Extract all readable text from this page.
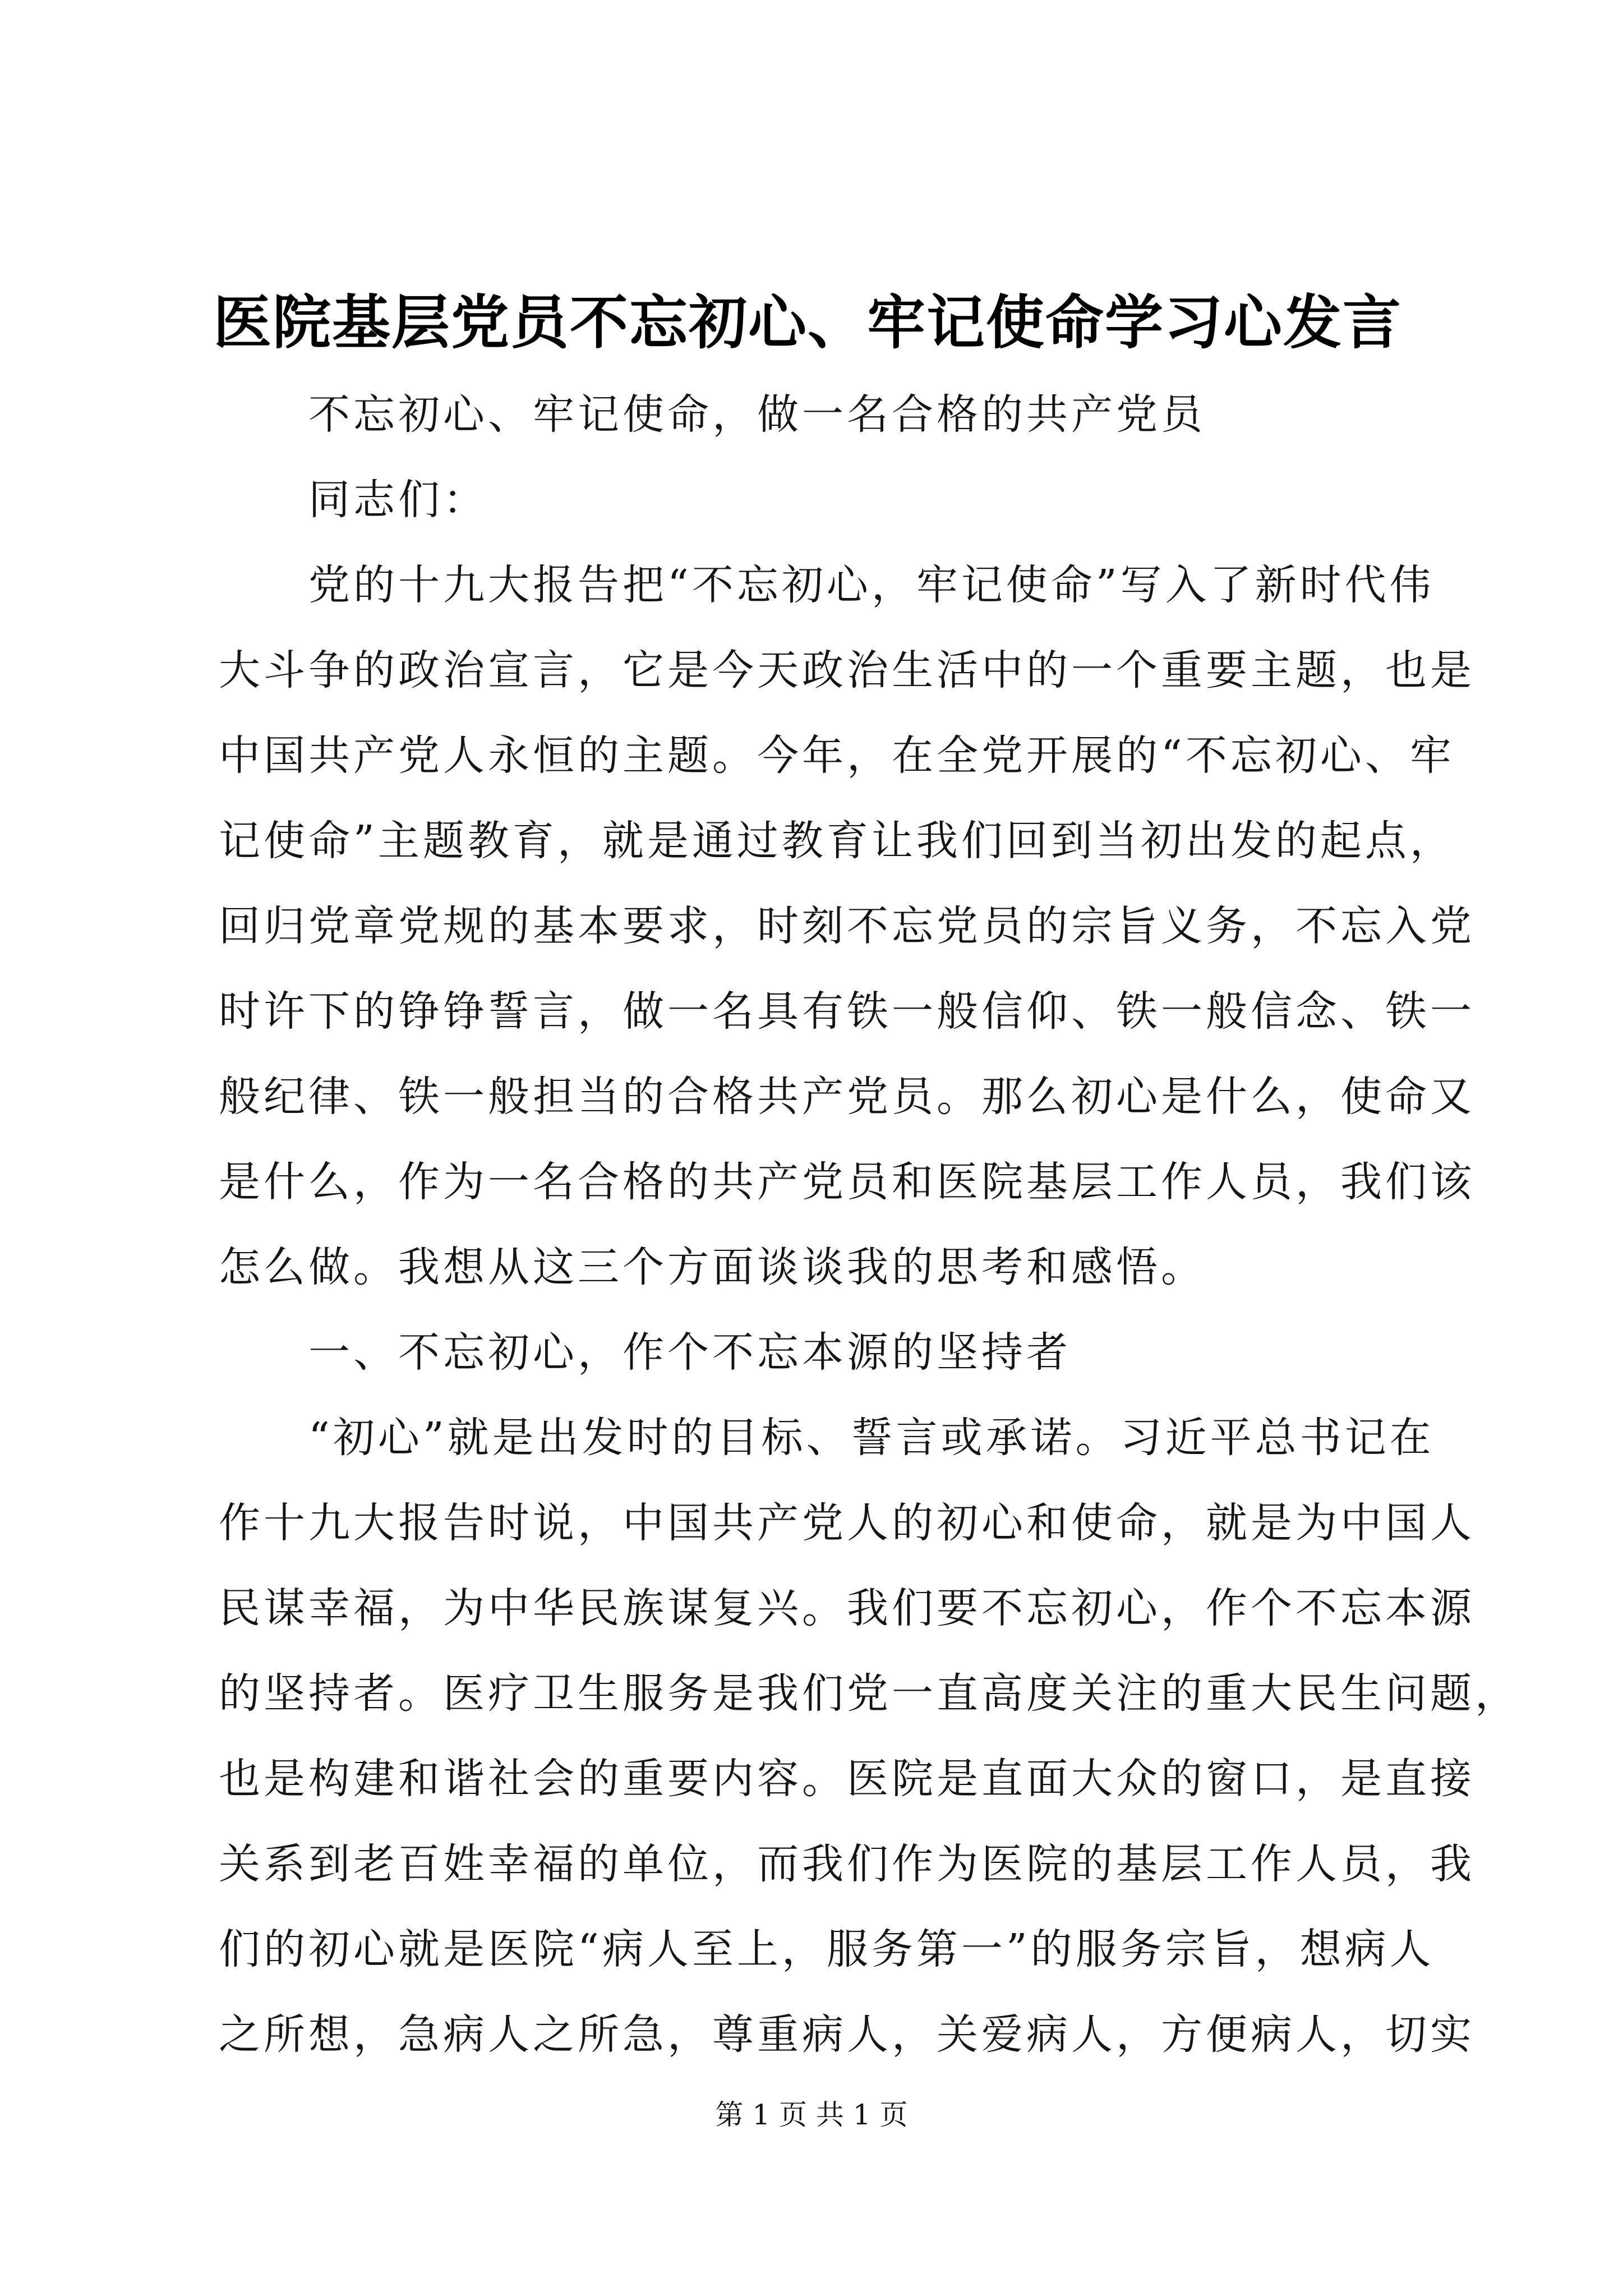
医院基层党员不忘初心、牢记使命学习心发言
不忘初心、牢记使命，做一名合格的共产党员
同志们：
党的十九大报告把“不忘初心，牢记使命”写入了新时代伟
大斗争的政治宣言，它是今天政治生活中的一个重要主题，也是
中国共产党人永恒的主题。今年，在全党开展的“不忘初心、牢
记使命”主题教育，就是通过教育让我们回到当初出发的起点，
回归党章党规的基本要求，时刻不忘党员的宗旨义务，不忘入党
时许下的铮铮誓言，做一名具有铁一般信仰、铁一般信念、铁一
般纪律、铁一般担当的合格共产党员。那么初心是什么，使命又
是什么，作为一名合格的共产党员和医院基层工作人员，我们该
怎么做。我想从这三个方面谈谈我的思考和感悟。
一、不忘初心，作个不忘本源的坚持者
“初心”就是出发时的目标、誓言或承诺。习近平总书记在
作十九大报告时说，中国共产党人的初心和使命，就是为中国人
民谋幸福，为中华民族谋复兴。我们要不忘初心，作个不忘本源
的坚持者。医疗卫生服务是我们党一直高度关注的重大民生问题，
也是构建和谐社会的重要内容。医院是直面大众的窗口，是直接
关系到老百姓幸福的单位，而我们作为医院的基层工作人员，我
们的初心就是医院“病人至上，服务第一”的服务宗旨，想病人
之所想，急病人之所急，尊重病人，关爱病人，方便病人，切实
第 1 页 共 1 页
